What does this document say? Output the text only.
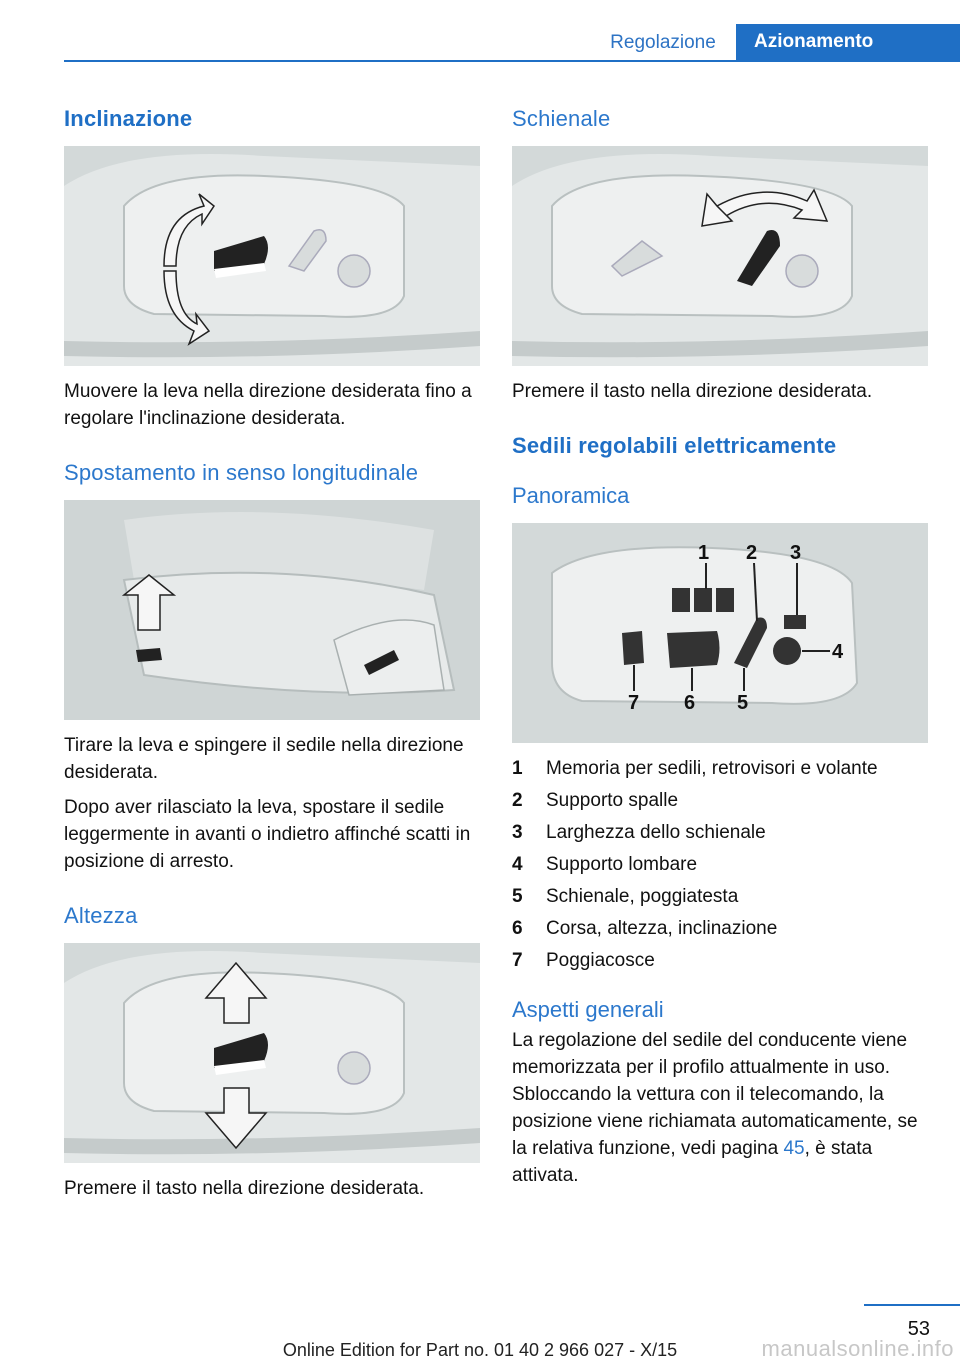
Regolazione	Azionamento
Inclinazione

Muovere la leva nella direzione desiderata fino a regolare l'inclinazione desiderata.

Spostamento in senso longitudinale

Tirare la leva e spingere il sedile nella direzione desiderata.

Dopo aver rilasciato la leva, spostare il sedile leggermente in avanti o indietro affinché scatti in posizione di arresto.

Altezza

Premere il tasto nella direzione desiderata.

Schienale

Premere il tasto nella direzione desiderata.

Sedili regolabili elettricamente
Panoramica
1 2 3
4
5
6
7
1	Memoria per sedili, retrovisori e volante
2	Supporto spalle
3	Larghezza dello schienale
4	Supporto lombare
5	Schienale, poggiatesta
6	Corsa, altezza, inclinazione
7	Poggiacosce
Aspetti generali

La regolazione del sedile del conducente viene memorizzata per il profilo attualmente in uso. Sbloccando la vettura con il telecomando, la posizione viene richiamata automaticamente, se la relativa funzione, vedi pagina 45, è stata attivata.

53
Online Edition for Part no. 01 40 2 966 027 - X/15	manualsonline.info
